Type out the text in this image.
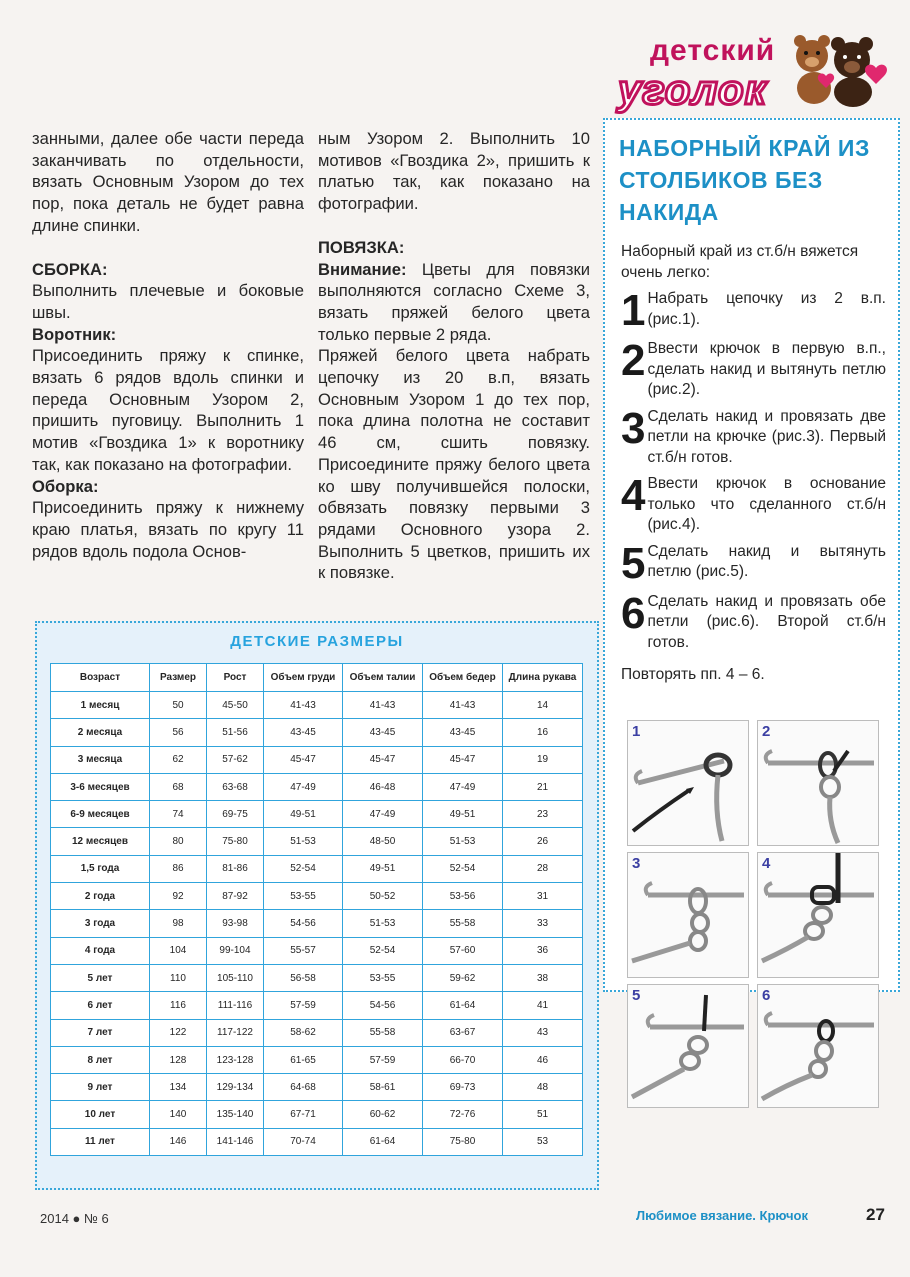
детский
уголок

занными, далее обе части переда заканчивать по отдельности, вязать Основным Узором до тех пор, пока деталь не будет равна длине спинки.

СБОРКА:

Выполнить плечевые и боковые швы.

Воротник:

Присоединить пряжу к спинке, вязать 6 рядов вдоль спинки и переда Основным Узором 2, пришить пуговицу. Выполнить 1 мотив «Гвоздика 1» к воротнику так, как показано на фотографии.

Оборка:

Присоединить пряжу к нижнему краю платья, вязать по кругу 11 рядов вдоль подола Основ-

ным Узором 2. Выполнить 10 мотивов «Гвоздика 2», пришить к платью так, как показано на фотографии.

ПОВЯЗКА:

Внимание: Цветы для повязки выполняются согласно Схеме 3, вязать пряжей белого цвета только первые 2 ряда.

Пряжей белого цвета набрать цепочку из 20 в.п, вязать Основным Узором 1 до тех пор, пока длина полотна не составит 46 см, сшить повязку. Присоедините пряжу белого цвета ко шву получившейся полоски, обвязать повязку первыми 3 рядами Основного узора 2. Выполнить 5 цветков, пришить их к повязке.

НАБОРНЫЙ КРАЙ ИЗ СТОЛБИКОВ БЕЗ НАКИДА
Наборный край из ст.б/н вяжется очень легко:
1 Набрать цепочку из 2 в.п. (рис.1).
2 Ввести крючок в первую в.п., сделать накид и вытянуть петлю (рис.2).
3 Сделать накид и провязать две петли на крючке (рис.3). Первый ст.б/н готов.
4 Ввести крючок в основание только что сделанного ст.б/н (рис.4).
5 Сделать накид и вытянуть петлю (рис.5).
6 Сделать накид и провязать обе петли (рис.6). Второй ст.б/н готов.
Повторять пп. 4 – 6.
1	2
3	4
5	6
ДЕТСКИЕ РАЗМЕРЫ
Возраст	Размер	Рост	Объем груди	Объем талии	Объем бедер	Длина рукава
1 месяц	50	45-50	41-43	41-43	41-43	14
2 месяца	56	51-56	43-45	43-45	43-45	16
3 месяца	62	57-62	45-47	45-47	45-47	19
3-6 месяцев	68	63-68	47-49	46-48	47-49	21
6-9 месяцев	74	69-75	49-51	47-49	49-51	23
12 месяцев	80	75-80	51-53	48-50	51-53	26
1,5 года	86	81-86	52-54	49-51	52-54	28
2 года	92	87-92	53-55	50-52	53-56	31
3 года	98	93-98	54-56	51-53	55-58	33
4 года	104	99-104	55-57	52-54	57-60	36
5 лет	110	105-110	56-58	53-55	59-62	38
6 лет	116	111-116	57-59	54-56	61-64	41
7 лет	122	117-122	58-62	55-58	63-67	43
8 лет	128	123-128	61-65	57-59	66-70	46
9 лет	134	129-134	64-68	58-61	69-73	48
10 лет	140	135-140	67-71	60-62	72-76	51
11 лет	146	141-146	70-74	61-64	75-80	53
2014 ● № 6	Любимое вязание. Крючок	27
